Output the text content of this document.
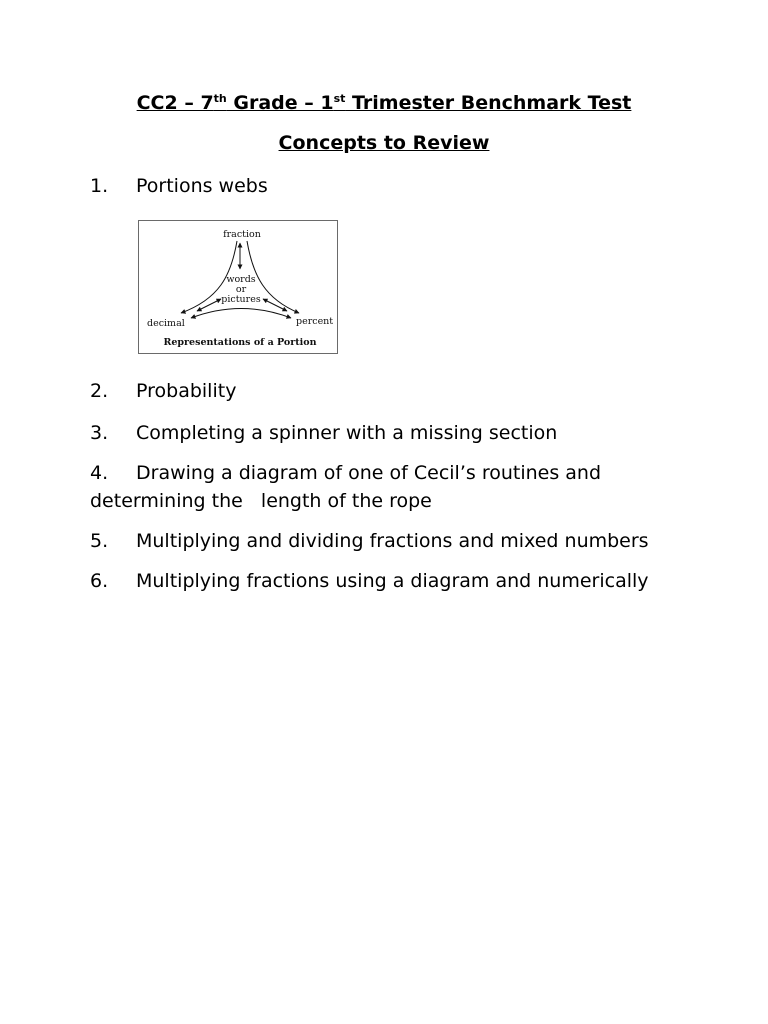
CC2 – 7th Grade – 1st Trimester Benchmark Test
Concepts to Review
1. Portions webs
fraction
words
or
pictures
decimal	percent
Representations of a Portion
2. Probability
3. Completing a spinner with a missing section
4. Drawing a diagram of one of Cecil’s routines and
determining the   length of the rope
5. Multiplying and dividing fractions and mixed numbers
6. Multiplying fractions using a diagram and numerically
